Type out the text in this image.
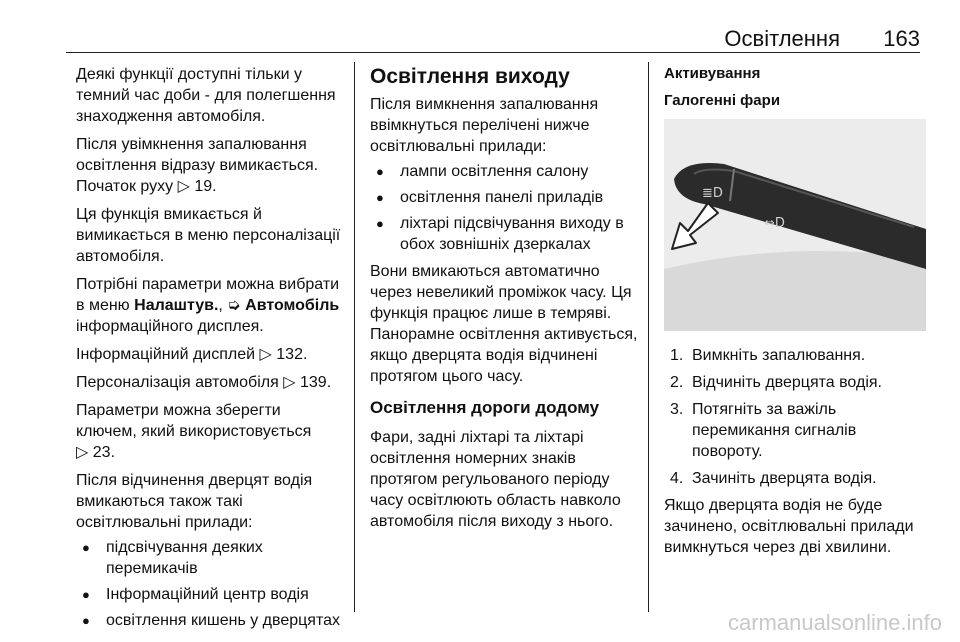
Освітлення 163

Деякі функції доступні тільки у темний час доби - для полегшення знаходження автомобіля.

Після увімкнення запалювання освітлення відразу вимикається.
Початок руху ▷ 19.

Ця функція вмикається й вимикається в меню персоналізації автомобіля.

Потрібні параметри можна вибрати в меню Налаштув., ➭ Автомобіль інформаційного дисплея.

Інформаційний дисплей ▷ 132.

Персоналізація автомобіля ▷ 139.

Параметри можна зберегти ключем, який використовується
▷ 23.

Після відчинення дверцят водія вмикаються також такі освітлювальні прилади:

● підсвічування деяких перемикачів
● Інформаційний центр водія
● освітлення кишень у дверцятах
Освітлення виходу

Після вимкнення запалювання ввімкнуться перелічені нижче освітлювальні прилади:

● лампи освітлення салону
● освітлення панелі приладів
● ліхтарі підсвічування виходу в обох зовнішніх дзеркалах

Вони вмикаються автоматично через невеликий проміжок часу. Ця функція працює лише в темряві.

Панорамне освітлення активується, якщо дверцята водія відчинені протягом цього часу.

Освітлення дороги додому

Фари, задні ліхтарі та ліхтарі освітлення номерних знаків протягом регульованого періоду часу освітлюють область навколо автомобіля після виходу з нього.

Активування

Галогенні фари

≣D
⇔D
1. Вимкніть запалювання.
2. Відчиніть дверцята водія.
3. Потягніть за важіль перемикання сигналів повороту.
4. Зачиніть дверцята водія.

Якщо дверцята водія не буде зачинено, освітлювальні прилади вимкнуться через дві хвилини.

carmanualsonline.info
